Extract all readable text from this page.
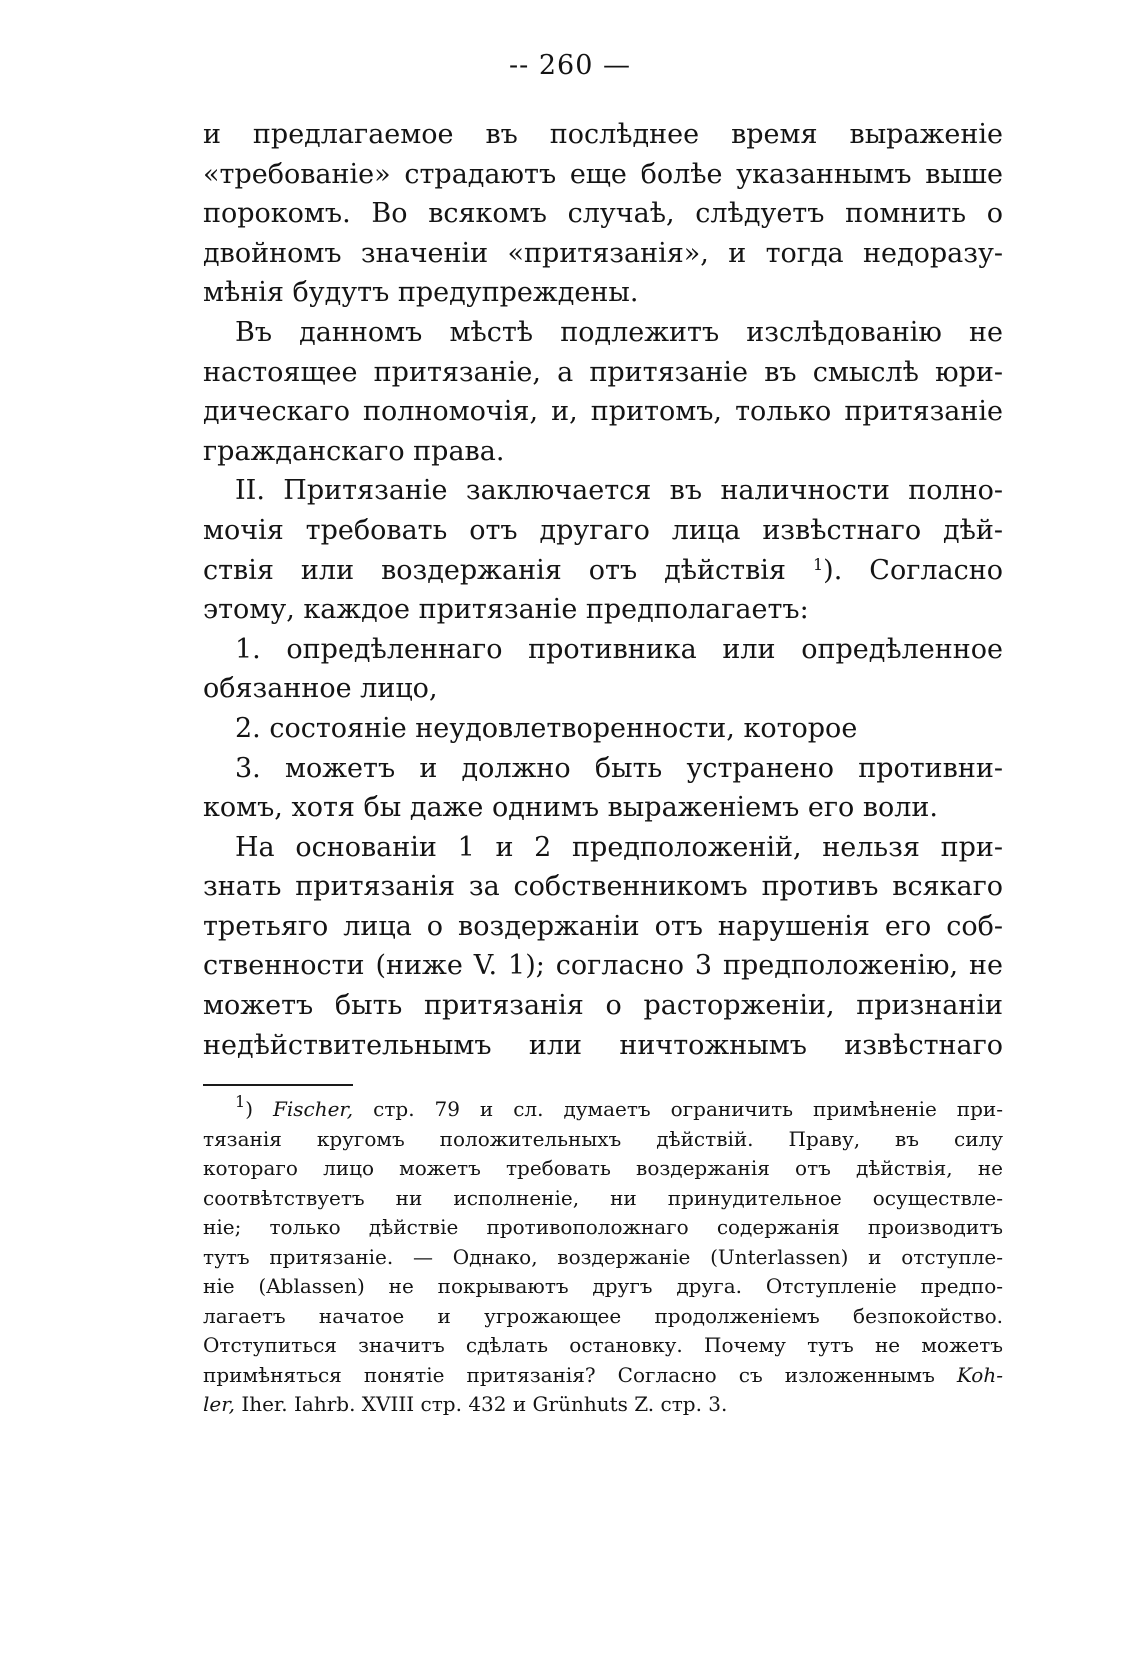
-- 260 —
и предлагаемое въ послѣднее время выраженіе
«требованіе» страдаютъ еще болѣе указаннымъ выше
порокомъ. Во всякомъ случаѣ, слѣдуетъ помнить о
двойномъ значеніи «притязанія», и тогда недоразу-
мѣнія будутъ предупреждены.
Въ данномъ мѣстѣ подлежитъ изслѣдованію не
настоящее притязаніе, а притязаніе въ смыслѣ юри-
дическаго полномочія, и, притомъ, только притязаніе
гражданскаго права.
II. Притязаніе заключается въ наличности полно-
мочія требовать отъ другаго лица извѣстнаго дѣй-
ствія или воздержанія отъ дѣйствія $^1$). Согласно
этому, каждое притязаніе предполагаетъ:
1. опредѣленнаго противника или опредѣленное
обязанное лицо,
2. состояніе неудовлетворенности, которое
3. можетъ и должно быть устранено противни-
комъ, хотя бы даже однимъ выраженіемъ его воли.
На основаніи 1 и 2 предположеній, нельзя при-
знать притязанія за собственникомъ противъ всякаго
третьяго лица о воздержаніи отъ нарушенія его соб-
ственности (ниже V. 1); согласно 3 предположенію, не
можетъ быть притязанія о расторженіи, признаніи
недѣйствительнымъ или ничтожнымъ извѣстнаго
$^1$) Fischer, стр. 79 и сл. думаетъ ограничить примѣненіе при-
тязанія кругомъ положительныхъ дѣйствій. Праву, въ силу
котораго лицо можетъ требовать воздержанія отъ дѣйствія, не
соотвѣтствуетъ ни исполненіе, ни принудительное осуществле-
ніе; только дѣйствіе противоположнаго содержанія производитъ
тутъ притязаніе. — Однако, воздержаніе (Unterlassen) и отступле-
ніе (Ablassen) не покрываютъ другъ друга. Отступленіе предпо-
лагаетъ начатое и угрожающее продолженіемъ безпокойство.
Отступиться значитъ сдѣлать остановку. Почему тутъ не можетъ
примѣняться понятіе притязанія? Согласно съ изложеннымъ Koh-
ler, Iher. Iahrb. XVIII стр. 432 и Grünhuts Z. стр. 3.
